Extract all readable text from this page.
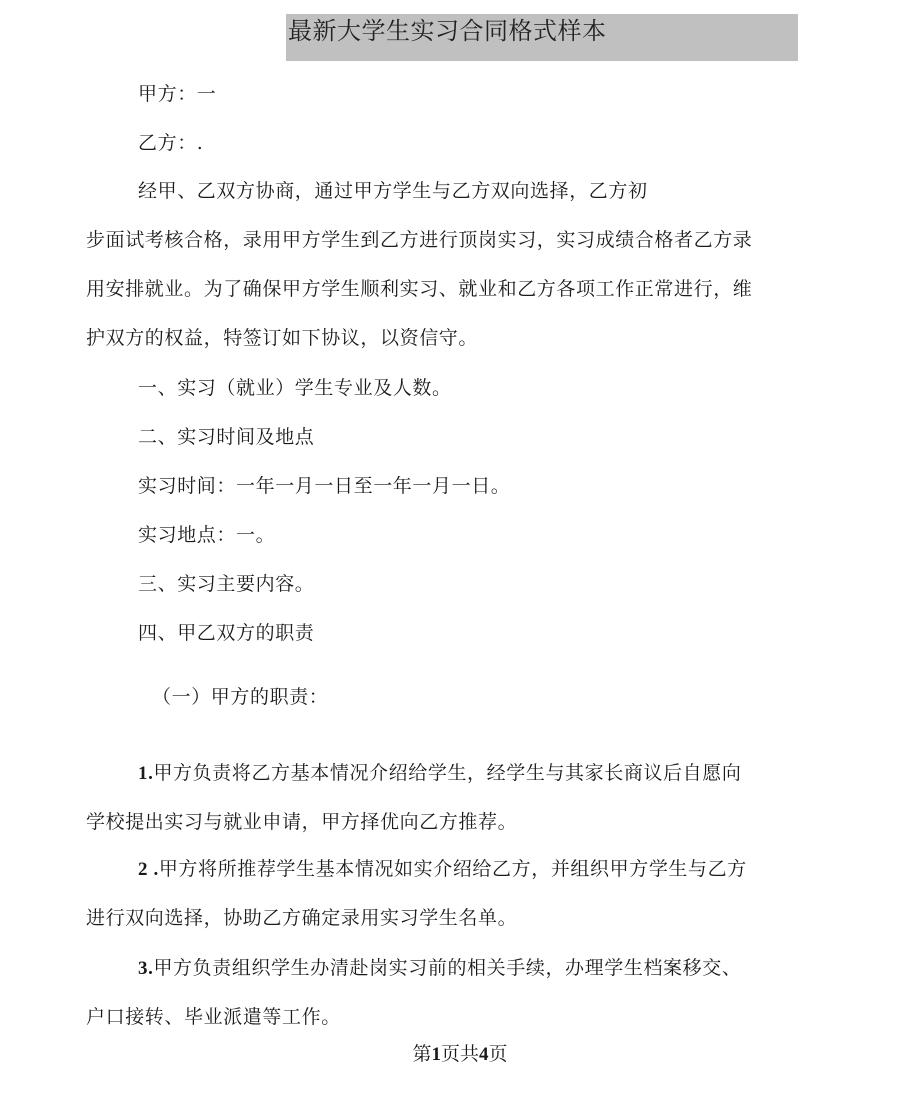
最新大学生实习合同格式样本
甲方：一
乙方：.
经甲、乙双方协商，通过甲方学生与乙方双向选择，乙方初
步面试考核合格，录用甲方学生到乙方进行顶岗实习，实习成绩合格者乙方录
用安排就业。为了确保甲方学生顺利实习、就业和乙方各项工作正常进行，维
护双方的权益，特签订如下协议，以资信守。
一、实习（就业）学生专业及人数。
二、实习时间及地点
实习时间：一年一月一日至一年一月一日。
实习地点：一。
三、实习主要内容。
四、甲乙双方的职责
（一）甲方的职责：
1.甲方负责将乙方基本情况介绍给学生，经学生与其家长商议后自愿向
学校提出实习与就业申请，甲方择优向乙方推荐。
2 .甲方将所推荐学生基本情况如实介绍给乙方，并组织甲方学生与乙方
进行双向选择，协助乙方确定录用实习学生名单。
3.甲方负责组织学生办清赴岗实习前的相关手续，办理学生档案移交、
户口接转、毕业派遣等工作。
第1页共4页
